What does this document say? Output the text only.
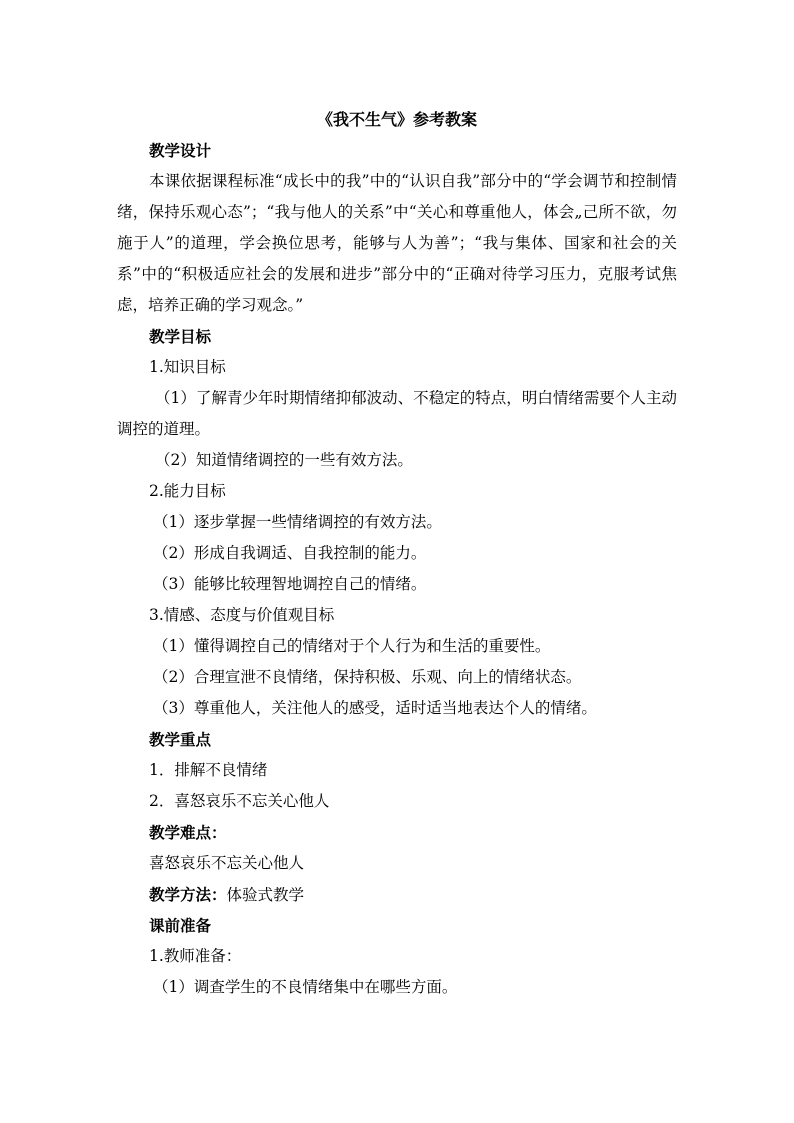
《我不生气》参考教案

教学设计

本课依据课程标准“成长中的我”中的“认识自我”部分中的“学会调节和控制情绪，保持乐观心态”；“我与他人的关系”中“关心和尊重他人，体会„己所不欲，勿施于人”的道理，学会换位思考，能够与人为善”；“我与集体、国家和社会的关系”中的“积极适应社会的发展和进步”部分中的“正确对待学习压力，克服考试焦虑，培养正确的学习观念。”

教学目标

1.知识目标

（1）了解青少年时期情绪抑郁波动、不稳定的特点，明白情绪需要个人主动调控的道理。

（2）知道情绪调控的一些有效方法。

2.能力目标

（1）逐步掌握一些情绪调控的有效方法。

（2）形成自我调适、自我控制的能力。

（3）能够比较理智地调控自己的情绪。

3.情感、态度与价值观目标

（1）懂得调控自己的情绪对于个人行为和生活的重要性。

（2）合理宣泄不良情绪，保持积极、乐观、向上的情绪状态。

（3）尊重他人，关注他人的感受，适时适当地表达个人的情绪。

教学重点

1．排解不良情绪

2．喜怒哀乐不忘关心他人

教学难点：

喜怒哀乐不忘关心他人

教学方法：体验式教学

课前准备

1.教师准备：

（1）调查学生的不良情绪集中在哪些方面。
